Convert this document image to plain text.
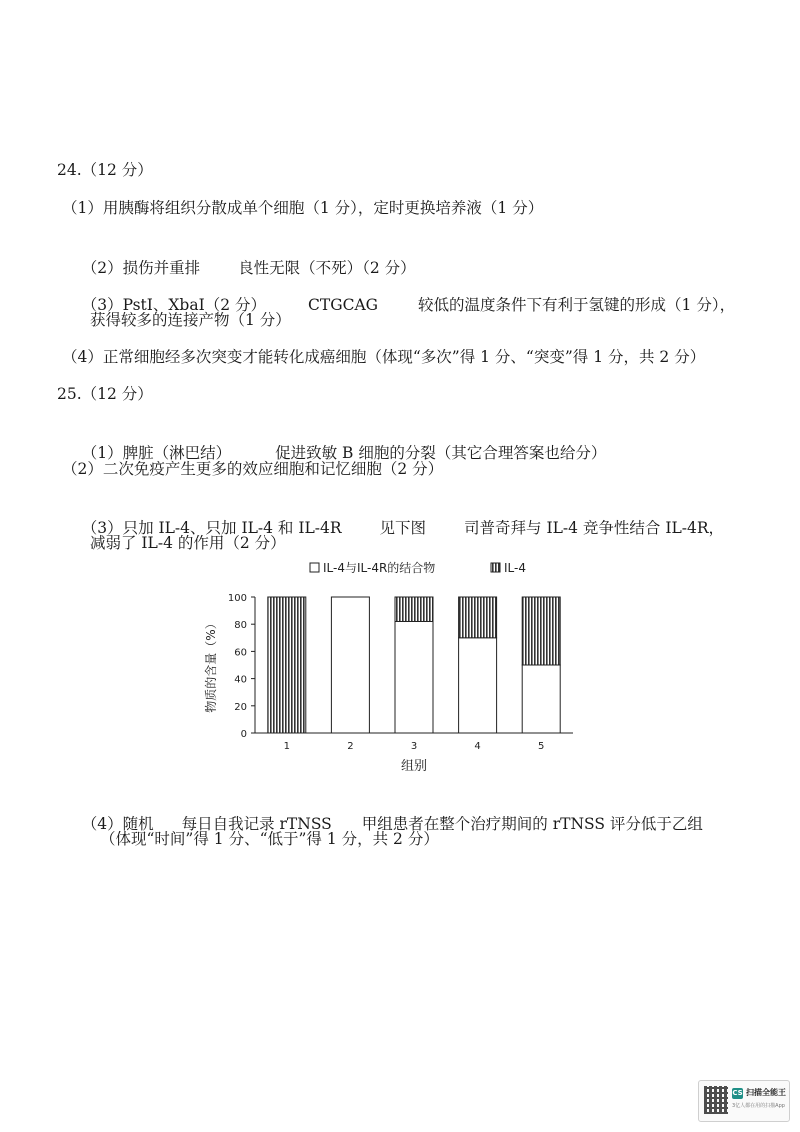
24.（12 分）
（1）用胰酶将组织分散成单个细胞（1 分），定时更换培养液（1 分）

（2）损伤并重排 良性无限（不死）（2 分）

（3）PstⅠ、XbaⅠ（2 分）	CTGCAG	较低的温度条件下有利于氢键的形成（1 分），

获得较多的连接产物（1 分）
（4）正常细胞经多次突变才能转化成癌细胞（体现“多次”得 1 分、“突变”得 1 分，共 2 分）
25.（12 分）

（1）脾脏（淋巴结）	促进致敏 B 细胞的分裂（其它合理答案也给分）

（2）二次免疫产生更多的效应细胞和记忆细胞（2 分）

（3）只加 IL-4、只加 IL-4 和 IL-4R 见下图 司普奇拜与 IL-4 竞争性结合 IL-4R，

减弱了 IL-4 的作用（2 分）
0
20
40
60
80
100
1	2	3	4	5
组别
物质的含量（%）
IL-4与IL-4R的结合物	IL-4

（4）随机 每日自我记录 rTNSS 甲组患者在整个治疗期间的 rTNSS 评分低于乙组

（体现“时间”得 1 分、“低于”得 1 分，共 2 分）
CS 扫描全能王
3亿人都在用的扫描App
